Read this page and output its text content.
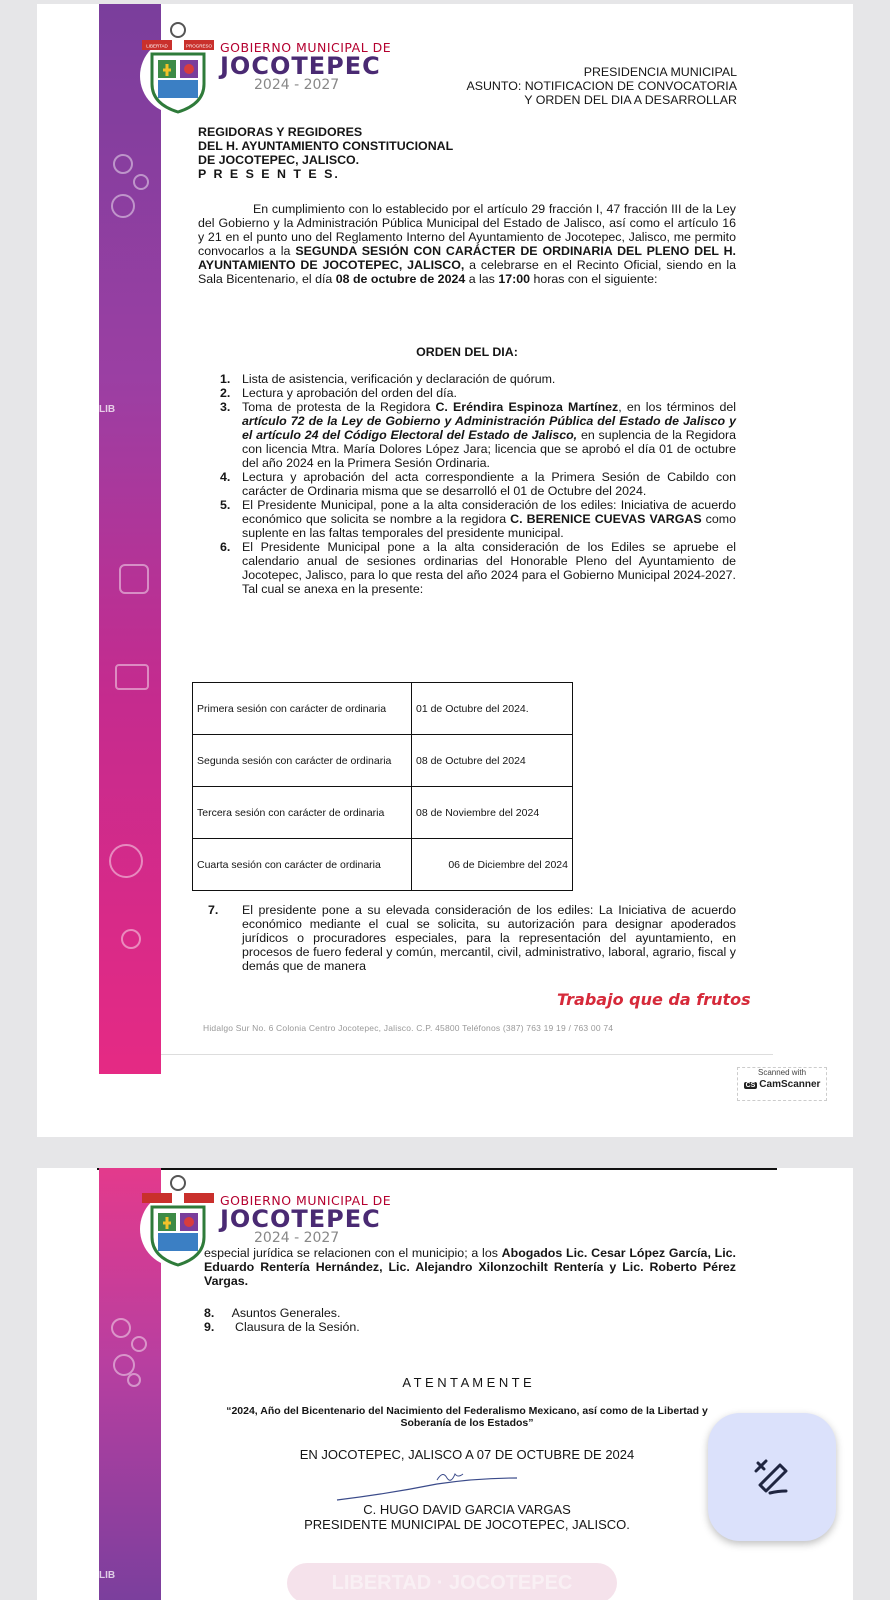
LIB
LIBERTAD	PROGRESO GOBIERNO MUNICIPAL DE
JOCOTEPEC
2024 - 2027
PRESIDENCIA MUNICIPAL
ASUNTO: NOTIFICACION DE CONVOCATORIA
Y ORDEN DEL DIA A DESARROLLAR
REGIDORAS Y REGIDORES
DEL H. AYUNTAMIENTO CONSTITUCIONAL
DE JOCOTEPEC, JALISCO.
P R E S E N T E S.
En cumplimiento con lo establecido por el artículo 29 fracción I, 47 fracción III de la Ley del Gobierno y la Administración Pública Municipal del Estado de Jalisco, así como el artículo 16 y 21 en el punto uno del Reglamento Interno del Ayuntamiento de Jocotepec, Jalisco, me permito convocarlos a la SEGUNDA SESIÓN CON CARÁCTER DE ORDINARIA DEL PLENO DEL H. AYUNTAMIENTO DE JOCOTEPEC, JALISCO, a celebrarse en el Recinto Oficial, siendo en la Sala Bicentenario, el día 08 de octubre de 2024 a las 17:00 horas con el siguiente:
ORDEN DEL DIA:
1. Lista de asistencia, verificación y declaración de quórum.
2. Lectura y aprobación del orden del día.
3. Toma de protesta de la Regidora C. Eréndira Espinoza Martínez, en los términos del artículo 72 de la Ley de Gobierno y Administración Pública del Estado de Jalisco y el artículo 24 del Código Electoral del Estado de Jalisco, en suplencia de la Regidora con licencia Mtra. María Dolores López Jara; licencia que se aprobó el día 01 de octubre del año 2024 en la Primera Sesión Ordinaria.
4. Lectura y aprobación del acta correspondiente a la Primera Sesión de Cabildo con carácter de Ordinaria misma que se desarrolló el 01 de Octubre del 2024.
5. El Presidente Municipal, pone a la alta consideración de los ediles: Iniciativa de acuerdo económico que solicita se nombre a la regidora C. BERENICE CUEVAS VARGAS como suplente en las faltas temporales del presidente municipal.
6. El Presidente Municipal pone a la alta consideración de los Ediles se apruebe el calendario anual de sesiones ordinarias del Honorable Pleno del Ayuntamiento de Jocotepec, Jalisco, para lo que resta del año 2024 para el Gobierno Municipal 2024-2027. Tal cual se anexa en la presente:
Primera sesión con carácter de ordinaria	01 de Octubre del 2024.
Segunda sesión con carácter de ordinaria	08 de Octubre del 2024
Tercera sesión con carácter de ordinaria	08 de Noviembre del 2024
Cuarta sesión con carácter de ordinaria	06 de Diciembre del 2024
7. El presidente pone a su elevada consideración de los ediles: La Iniciativa de acuerdo económico mediante el cual se solicita, su autorización para designar apoderados jurídicos o procuradores especiales, para la representación del ayuntamiento, en procesos de fuero federal y común, mercantil, civil, administrativo, laboral, agrario, fiscal y demás que de manera
Trabajo que da frutos
Hidalgo Sur No. 6 Colonia Centro Jocotepec, Jalisco. C.P. 45800 Teléfonos (387) 763 19 19 / 763 00 74
Scanned with
CS CamScanner
LIB
GOBIERNO MUNICIPAL DE
JOCOTEPEC
2024 - 2027
especial jurídica se relacionen con el municipio; a los Abogados Lic. Cesar López García, Lic. Eduardo Rentería Hernández, Lic. Alejandro Xilonzochilt Rentería y Lic. Roberto Pérez Vargas.
8. Asuntos Generales.
9. Clausura de la Sesión.
A T E N T A M E N T E
“2024, Año del Bicentenario del Nacimiento del Federalismo Mexicano, así como de la Libertad y Soberanía de los Estados”
EN JOCOTEPEC, JALISCO A 07 DE OCTUBRE DE 2024
C. HUGO DAVID GARCIA VARGAS
PRESIDENTE MUNICIPAL DE JOCOTEPEC, JALISCO.
LIBERTAD · JOCOTEPEC
